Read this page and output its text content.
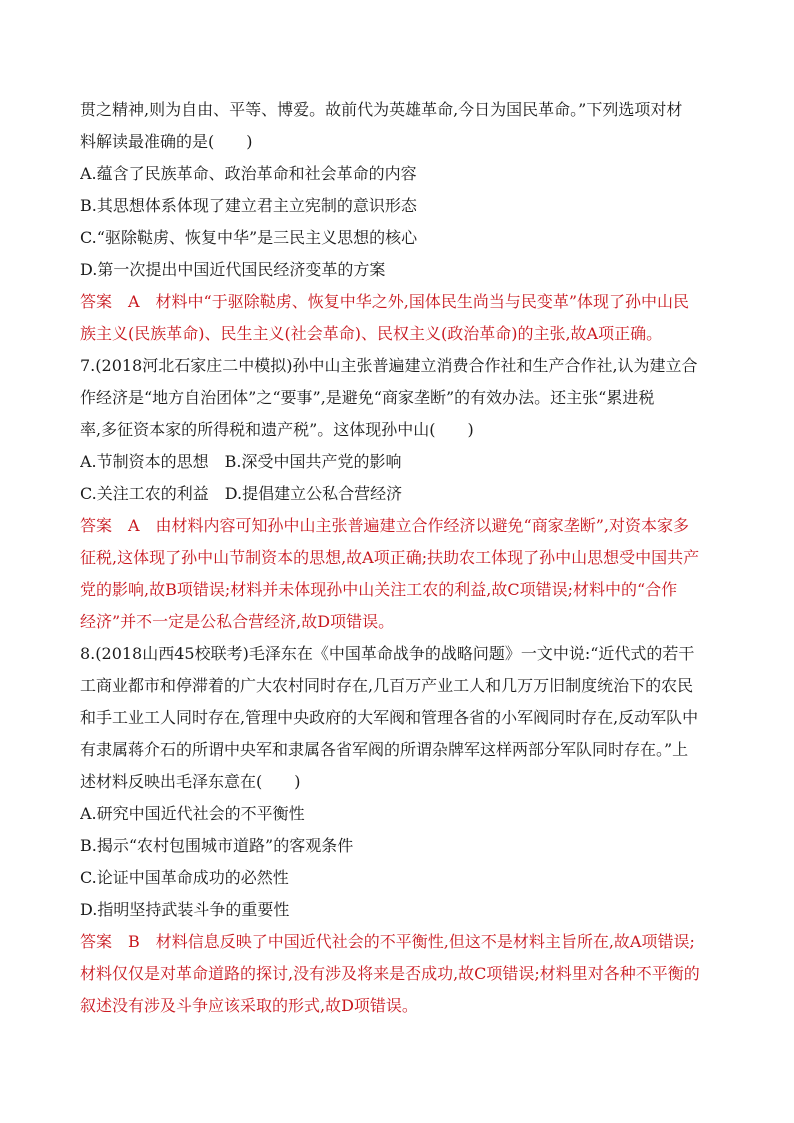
贯之精神,则为自由、平等、博爱。故前代为英雄革命,今日为国民革命。”下列选项对材
料解读最准确的是(　　)
A.蕴含了民族革命、政治革命和社会革命的内容
B.其思想体系体现了建立君主立宪制的意识形态
C.“驱除鞑虏、恢复中华”是三民主义思想的核心
D.第一次提出中国近代国民经济变革的方案
答案　A　材料中“于驱除鞑虏、恢复中华之外,国体民生尚当与民变革”体现了孙中山民
族主义(民族革命)、民生主义(社会革命)、民权主义(政治革命)的主张,故A项正确。
7.(2018河北石家庄二中模拟)孙中山主张普遍建立消费合作社和生产合作社,认为建立合
作经济是“地方自治团体”之“要事”,是避免“商家垄断”的有效办法。还主张“累进税
率,多征资本家的所得税和遗产税”。这体现孙中山(　　)
A.节制资本的思想　B.深受中国共产党的影响
C.关注工农的利益　D.提倡建立公私合营经济
答案　A　由材料内容可知孙中山主张普遍建立合作经济以避免“商家垄断”,对资本家多
征税,这体现了孙中山节制资本的思想,故A项正确;扶助农工体现了孙中山思想受中国共产
党的影响,故B项错误;材料并未体现孙中山关注工农的利益,故C项错误;材料中的“合作
经济”并不一定是公私合营经济,故D项错误。
8.(2018山西45校联考)毛泽东在《中国革命战争的战略问题》一文中说:“近代式的若干
工商业都市和停滞着的广大农村同时存在,几百万产业工人和几万万旧制度统治下的农民
和手工业工人同时存在,管理中央政府的大军阀和管理各省的小军阀同时存在,反动军队中
有隶属蒋介石的所谓中央军和隶属各省军阀的所谓杂牌军这样两部分军队同时存在。”上
述材料反映出毛泽东意在(　　)
A.研究中国近代社会的不平衡性
B.揭示“农村包围城市道路”的客观条件
C.论证中国革命成功的必然性
D.指明坚持武装斗争的重要性
答案　B　材料信息反映了中国近代社会的不平衡性,但这不是材料主旨所在,故A项错误;
材料仅仅是对革命道路的探讨,没有涉及将来是否成功,故C项错误;材料里对各种不平衡的
叙述没有涉及斗争应该采取的形式,故D项错误。
